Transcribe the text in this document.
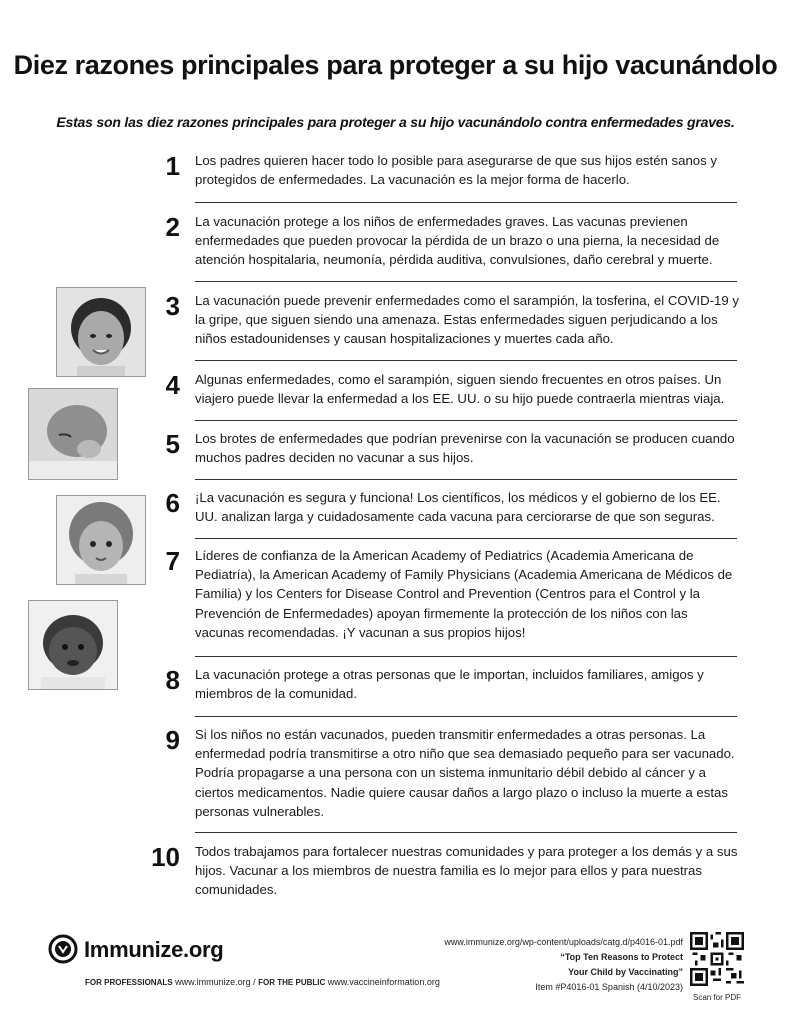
Diez razones principales para proteger a su hijo vacunándolo
Estas son las diez razones principales para proteger a su hijo vacunándolo contra enfermedades graves.
1 Los padres quieren hacer todo lo posible para asegurarse de que sus hijos estén sanos y protegidos de enfermedades. La vacunación es la mejor forma de hacerlo.
2 La vacunación protege a los niños de enfermedades graves. Las vacunas previenen enfermedades que pueden provocar la pérdida de un brazo o una pierna, la necesidad de atención hospitalaria, neumonía, pérdida auditiva, convulsiones, daño cerebral y muerte.
3 La vacunación puede prevenir enfermedades como el sarampión, la tosferina, el COVID-19 y la gripe, que siguen siendo una amenaza. Estas enfermedades siguen perjudicando a los niños estadounidenses y causan hospitalizaciones y muertes cada año.
4 Algunas enfermedades, como el sarampión, siguen siendo frecuentes en otros países. Un viajero puede llevar la enfermedad a los EE. UU. o su hijo puede contraerla mientras viaja.
5 Los brotes de enfermedades que podrían prevenirse con la vacunación se producen cuando muchos padres deciden no vacunar a sus hijos.
6 ¡La vacunación es segura y funciona! Los científicos, los médicos y el gobierno de los EE. UU. analizan larga y cuidadosamente cada vacuna para cerciorarse de que son seguras.
7 Líderes de confianza de la American Academy of Pediatrics (Academia Americana de Pediatría), la American Academy of Family Physicians (Academia Americana de Médicos de Familia) y los Centers for Disease Control and Prevention (Centros para el Control y la Prevención de Enfermedades) apoyan firmemente la protección de los niños con las vacunas recomendadas. ¡Y vacunan a sus propios hijos!
8 La vacunación protege a otras personas que le importan, incluidos familiares, amigos y miembros de la comunidad.
9 Si los niños no están vacunados, pueden transmitir enfermedades a otras personas. La enfermedad podría transmitirse a otro niño que sea demasiado pequeño para ser vacunado. Podría propagarse a una persona con un sistema inmunitario débil debido al cáncer y a ciertos medicamentos. Nadie quiere causar daños a largo plazo o incluso la muerte a estas personas vulnerables.
10 Todos trabajamos para fortalecer nuestras comunidades y para proteger a los demás y a sus hijos. Vacunar a los miembros de nuestra familia es lo mejor para ellos y para nuestras comunidades.
Immunize.org
FOR PROFESSIONALS www.immunize.org / FOR THE PUBLIC www.vaccineinformation.org
www.immunize.org/wp-content/uploads/catg.d/p4016-01.pdf
“Top Ten Reasons to Protect
Your Child by Vaccinating”
Item #P4016-01 Spanish (4/10/2023)
Scan for PDF
